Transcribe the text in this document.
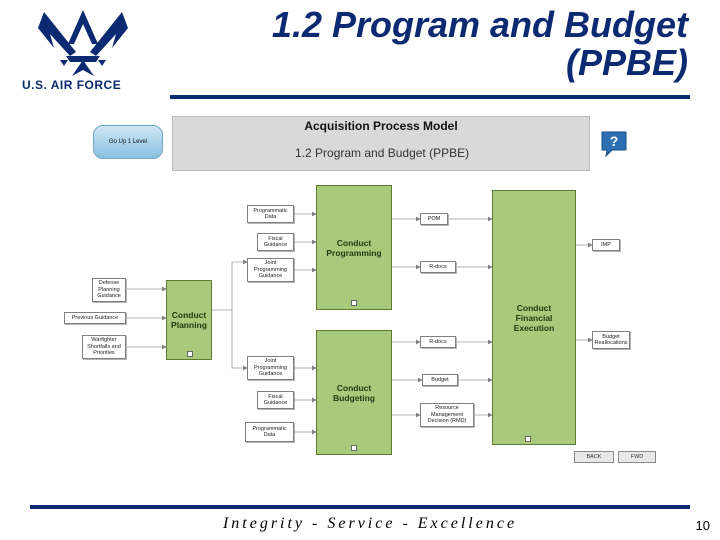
U.S. AIR FORCE
1.2 Program and Budget
(PPBE)
Acquisition Process Model
1.2 Program and Budget (PPBE)
Go Up 1 Level	?
Conduct
Programming
Conduct
Budgeting
Conduct
Planning
Conduct
Financial
Execution
Programmatic
Data
Fiscal
Guidance
Joint
Programming
Guidance
Defense
Planning
Guidance
Previous Guidance
Warfighter
Shortfalls and
Priorities
Joint
Programming
Guidance
Fiscal
Guidance
Programmatic
Data
POM
R-docs
R-docs
Budget
Resource
Management
Decision (RMD)
IMP
Budget
Reallocations
BACK	FWD
Integrity - Service - Excellence	10
